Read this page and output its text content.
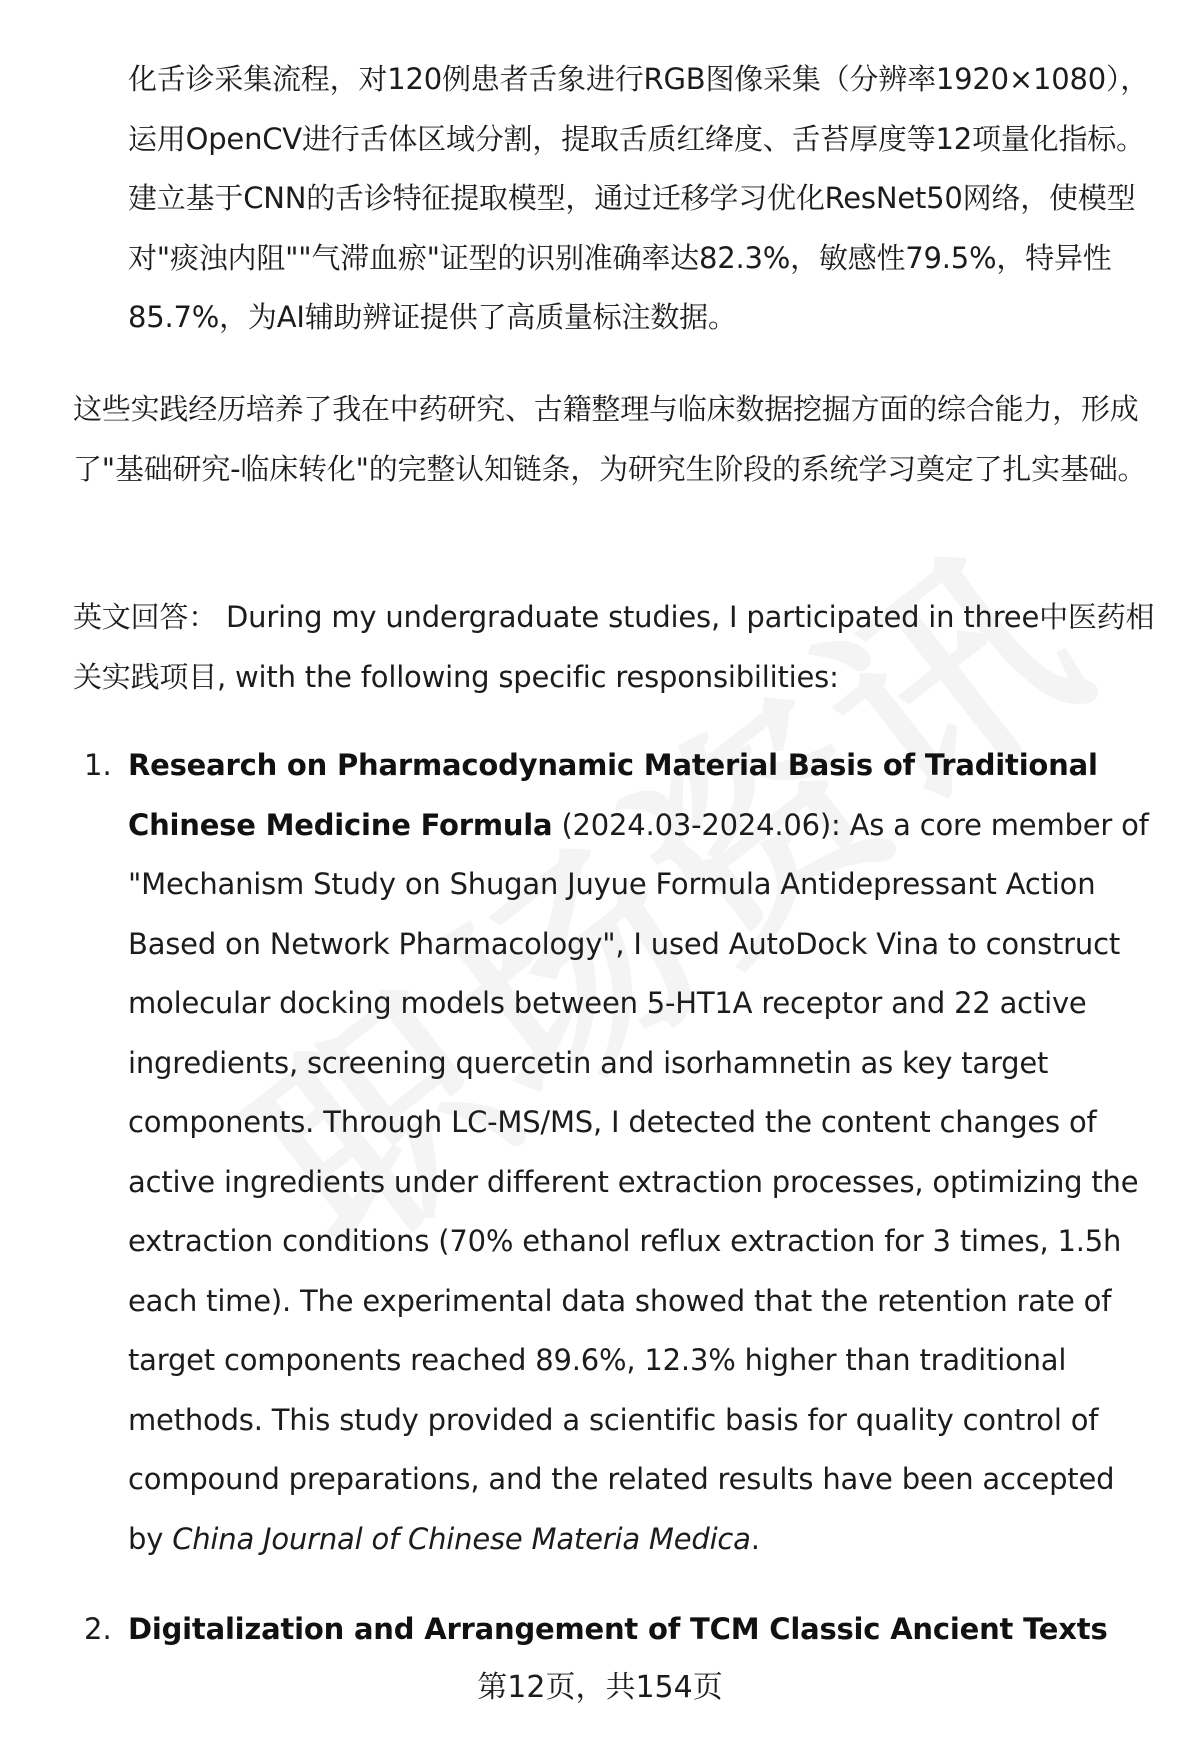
化舌诊采集流程，对120例患者舌象进行RGB图像采集（分辨率1920×1080），运用OpenCV进行舌体区域分割，提取舌质红绛度、舌苔厚度等12项量化指标。建立基于CNN的舌诊特征提取模型，通过迁移学习优化ResNet50网络，使模型对"痰浊内阻""气滞血瘀"证型的识别准确率达82.3%，敏感性79.5%，特异性85.7%，为AI辅助辨证提供了高质量标注数据。

这些实践经历培养了我在中药研究、古籍整理与临床数据挖掘方面的综合能力，形成了"基础研究-临床转化"的完整认知链条，为研究生阶段的系统学习奠定了扎实基础。

英文回答： During my undergraduate studies, I participated in three中医药相关实践项目, with the following specific responsibilities:

1. Research on Pharmacodynamic Material Basis of Traditional Chinese Medicine Formula (2024.03-2024.06): As a core member of "Mechanism Study on Shugan Juyue Formula Antidepressant Action Based on Network Pharmacology", I used AutoDock Vina to construct molecular docking models between 5-HT1A receptor and 22 active ingredients, screening quercetin and isorhamnetin as key target components. Through LC-MS/MS, I detected the content changes of active ingredients under different extraction processes, optimizing the extraction conditions (70% ethanol reflux extraction for 3 times, 1.5h each time). The experimental data showed that the retention rate of target components reached 89.6%, 12.3% higher than traditional methods. This study provided a scientific basis for quality control of compound preparations, and the related results have been accepted by China Journal of Chinese Materia Medica.

2. Digitalization and Arrangement of TCM Classic Ancient Texts

第12页，共154页
